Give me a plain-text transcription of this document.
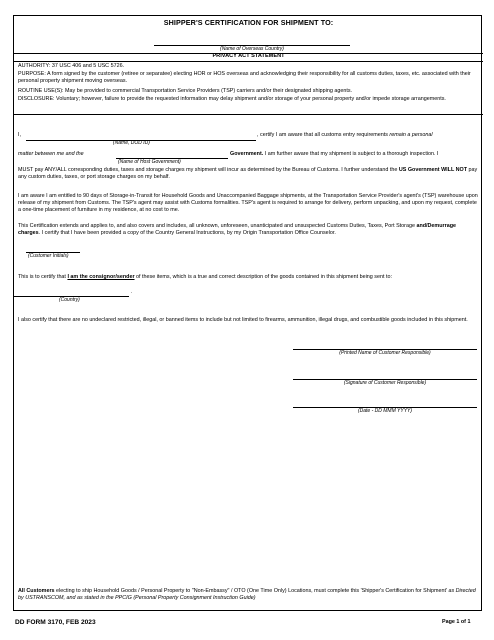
SHIPPER'S CERTIFICATION FOR SHIPMENT TO:
(Name of Overseas Country)
PRIVACY ACT STATEMENT
AUTHORITY: 37 USC 406 and 5 USC 5726.
PURPOSE: A form signed by the customer (retiree or separatee) electing HOR or HOS overseas and acknowledging their responsibility for all customs duties, taxes, etc. associated with their personal property shipment moving overseas.
ROUTINE USE(S): May be provided to commercial Transportation Service Providers (TSP) carriers and/or their designated shipping agents.
DISCLOSURE: Voluntary; however, failure to provide the requested information may delay shipment and/or storage of your personal property and/or impede storage arrangements.
I,	, certify I am aware that all customs entry requirements remain a personal
(Name, DOD ID)
matter between me and the	Government. I am further aware that my shipment is subject to a thorough inspection. I
(Name of Host Government)
MUST pay ANY/ALL corresponding duties, taxes and storage charges my shipment will incur as determined by the Bureau of Customs. I further understand the US Government WILL NOT pay any custom duties, taxes, or port storage charges on my behalf.
I am aware I am entitled to 90 days of Storage-in-Transit for Household Goods and Unaccompanied Baggage shipments, at the Transportation Service Provider's agent's (TSP) warehouse upon release of my shipment from Customs. The TSP's agent may assist with Customs formalities. TSP's agent is required to arrange for delivery, perform unpacking, and upon my request, complete a one-time placement of furniture in my residence, at no cost to me.
This Certification extends and applies to, and also covers and includes, all unknown, unforeseen, unanticipated and unsuspected Customs Duties, Taxes, Port Storage and/Demurrage charges. I certify that I have been provided a copy of the Country General Instructions, by my Origin Transportation Office Counselor.
(Customer Initials)
This is to certify that I am the consignor/sender of these items, which is a true and correct description of the goods contained in this shipment being sent to:
.
(Country)
I also certify that there are no undeclared restricted, illegal, or banned items to include but not limited to firearms, ammunition, illegal drugs, and combustible goods included in this shipment.
(Printed Name of Customer Responsible)
(Signature of Customer Responsible)
(Date - DD MMM YYYY)
All Customers electing to ship Household Goods / Personal Property to "Non-Embassy" / OTO (One Time Only) Locations, must complete this 'Shipper's Certification for Shipment' as Directed by USTRANSCOM, and as stated in the PPCIG (Personal Property Consignment Instruction Guide)
DD FORM 3170, FEB 2023	Page 1 of 1
